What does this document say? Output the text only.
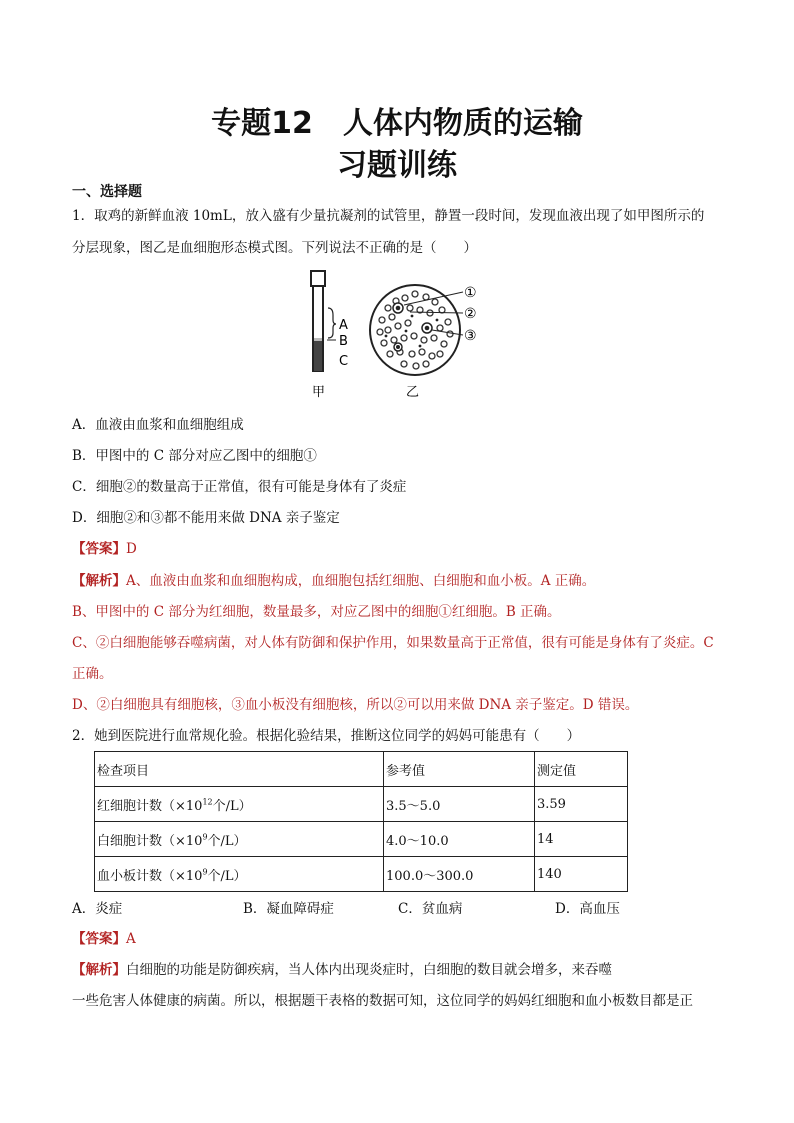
专题12　人体内物质的运输
习题训练
一、选择题
1．取鸡的新鲜血液 10mL，放入盛有少量抗凝剂的试管里，静置一段时间，发现血液出现了如甲图所示的
分层现象，图乙是血细胞形态模式图。下列说法不正确的是（　　）
A
B
C
甲
①
②
③
乙
A．血液由血浆和血细胞组成
B．甲图中的 C 部分对应乙图中的细胞①
C．细胞②的数量高于正常值，很有可能是身体有了炎症
D．细胞②和③都不能用来做 DNA 亲子鉴定
【答案】D
【解析】A、血液由血浆和血细胞构成，血细胞包括红细胞、白细胞和血小板。A 正确。
B、甲图中的 C 部分为红细胞，数量最多，对应乙图中的细胞①红细胞。B 正确。
C、②白细胞能够吞噬病菌，对人体有防御和保护作用，如果数量高于正常值，很有可能是身体有了炎症。C
正确。
D、②白细胞具有细胞核，③血小板没有细胞核，所以②可以用来做 DNA 亲子鉴定。D 错误。
2．她到医院进行血常规化验。根据化验结果，推断这位同学的妈妈可能患有（　　）
检查项目	参考值	测定值
红细胞计数（$\times 10^{12}$个/L）	3.5～5.0	3.59
白细胞计数（$\times 10^9$个/L）	4.0～10.0	14
血小板计数（$\times 10^9$个/L）	100.0～300.0	140
A．炎症	B．凝血障碍症	C．贫血病	D．高血压
【答案】A
【解析】白细胞的功能是防御疾病，当人体内出现炎症时，白细胞的数目就会增多，来吞噬
一些危害人体健康的病菌。所以，根据题干表格的数据可知，这位同学的妈妈红细胞和血小板数目都是正
